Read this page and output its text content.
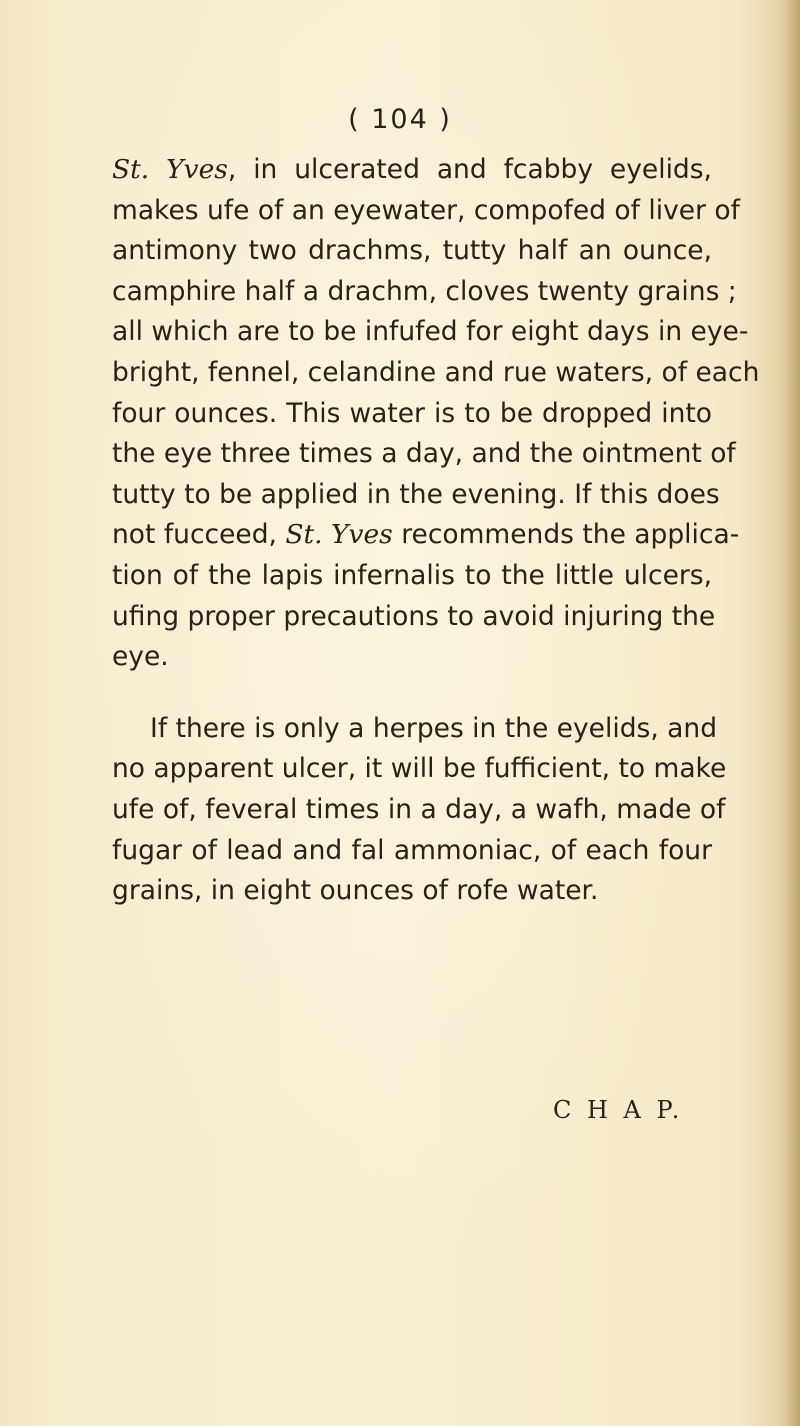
( 104 )
St. Yves, in ulcerated and fcabby eyelids,
makes ufe of an eyewater, compofed of liver of
antimony two drachms, tutty half an ounce,
camphire half a drachm, cloves twenty grains ;
all which are to be infufed for eight days in eye-
bright, fennel, celandine and rue waters, of each
four ounces. This water is to be dropped into
the eye three times a day, and the ointment of
tutty to be applied in the evening. If this does
not fucceed, St. Yves recommends the applica-
tion of the lapis infernalis to the little ulcers,
ufing proper precautions to avoid injuring the
eye.
If there is only a herpes in the eyelids, and
no apparent ulcer, it will be fufficient, to make
ufe of, feveral times in a day, a wafh, made of
fugar of lead and fal ammoniac, of each four
grains, in eight ounces of rofe water.
C H A P.
